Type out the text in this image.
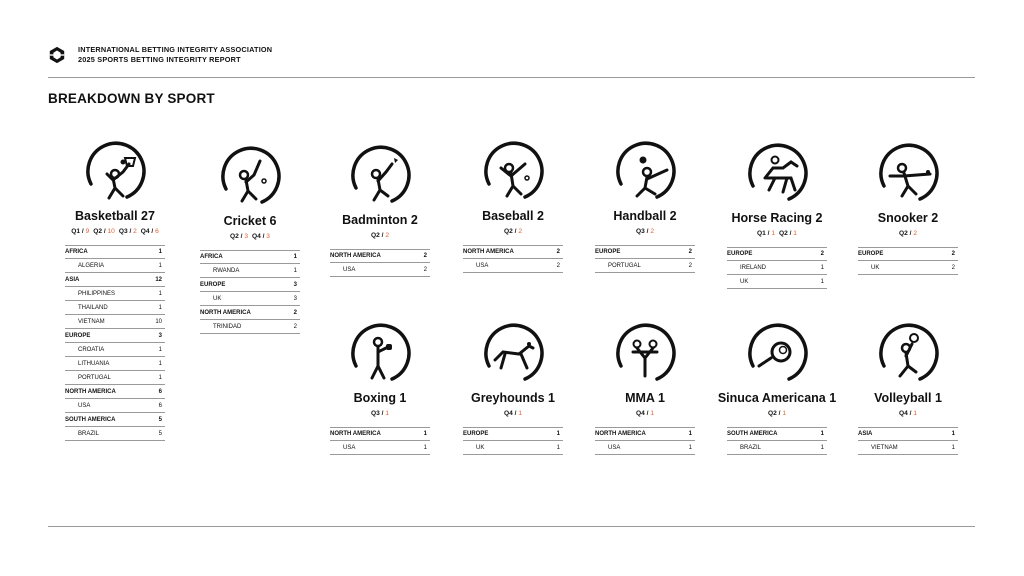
INTERNATIONAL BETTING INTEGRITY ASSOCIATION
2025 SPORTS BETTING INTEGRITY REPORT
BREAKDOWN BY SPORT
Basketball 27
Q1 / 9 Q2 / 10 Q3 / 2 Q4 / 6
AFRICA	1
ALGERIA	1
ASIA	12
PHILIPPINES	1
THAILAND	1
VIETNAM	10
EUROPE	3
CROATIA	1
LITHUANIA	1
PORTUGAL	1
NORTH AMERICA	6
USA	6
SOUTH AMERICA	5
BRAZIL	5
Cricket 6
Q2 / 3 Q4 / 3
AFRICA	1
RWANDA	1
EUROPE	3
UK	3
NORTH AMERICA	2
TRINIDAD	2
Badminton 2
Q2 / 2
NORTH AMERICA	2
USA	2
Baseball 2
Q2 / 2
NORTH AMERICA	2
USA	2
Handball 2
Q3 / 2
EUROPE	2
PORTUGAL	2
Horse Racing 2
Q1 / 1 Q2 / 1
EUROPE	2
IRELAND	1
UK	1
Snooker 2
Q2 / 2
EUROPE	2
UK	2
Boxing 1
Q3 / 1
NORTH AMERICA	1
USA	1
Greyhounds 1
Q4 / 1
EUROPE	1
UK	1
MMA 1
Q4 / 1
NORTH AMERICA	1
USA	1
Sinuca Americana 1
Q2 / 1
SOUTH AMERICA	1
BRAZIL	1
Volleyball 1
Q4 / 1
ASIA	1
VIETNAM	1
